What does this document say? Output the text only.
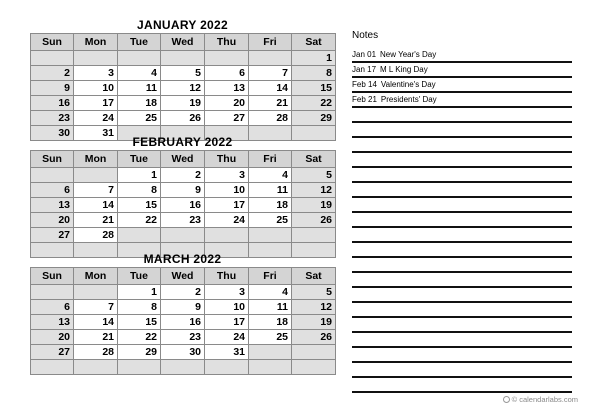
JANUARY 2022
Sun	Mon	Tue	Wed	Thu	Fri	Sat
						1
2	3	4	5	6	7	8
9	10	11	12	13	14	15
16	17	18	19	20	21	22
23	24	25	26	27	28	29
30	31					
FEBRUARY 2022
Sun	Mon	Tue	Wed	Thu	Fri	Sat
		1	2	3	4	5
6	7	8	9	10	11	12
13	14	15	16	17	18	19
20	21	22	23	24	25	26
27	28					

MARCH 2022
Sun	Mon	Tue	Wed	Thu	Fri	Sat
		1	2	3	4	5
6	7	8	9	10	11	12
13	14	15	16	17	18	19
20	21	22	23	24	25	26
27	28	29	30	31		

Notes
Jan 01 New Year's Day
Jan 17 M L King Day
Feb 14 Valentine's Day
Feb 21 Presidents' Day
© calendarlabs.com
